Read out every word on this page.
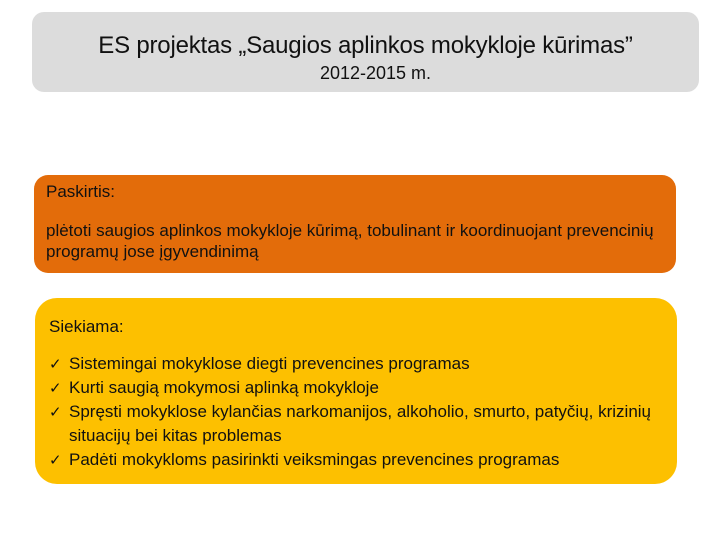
ES projektas „Saugios aplinkos mokykloje kūrimas”
2012-2015 m.
Paskirtis:
plėtoti saugios aplinkos mokykloje kūrimą, tobulinant ir koordinuojant prevencinių programų jose įgyvendinimą
Siekiama:
✓ Sistemingai mokyklose diegti prevencines programas
✓ Kurti saugią mokymosi aplinką mokykloje
✓ Spręsti mokyklose kylančias narkomanijos, alkoholio, smurto, patyčių, krizinių situacijų bei kitas problemas
✓ Padėti mokykloms pasirinkti veiksmingas prevencines programas
